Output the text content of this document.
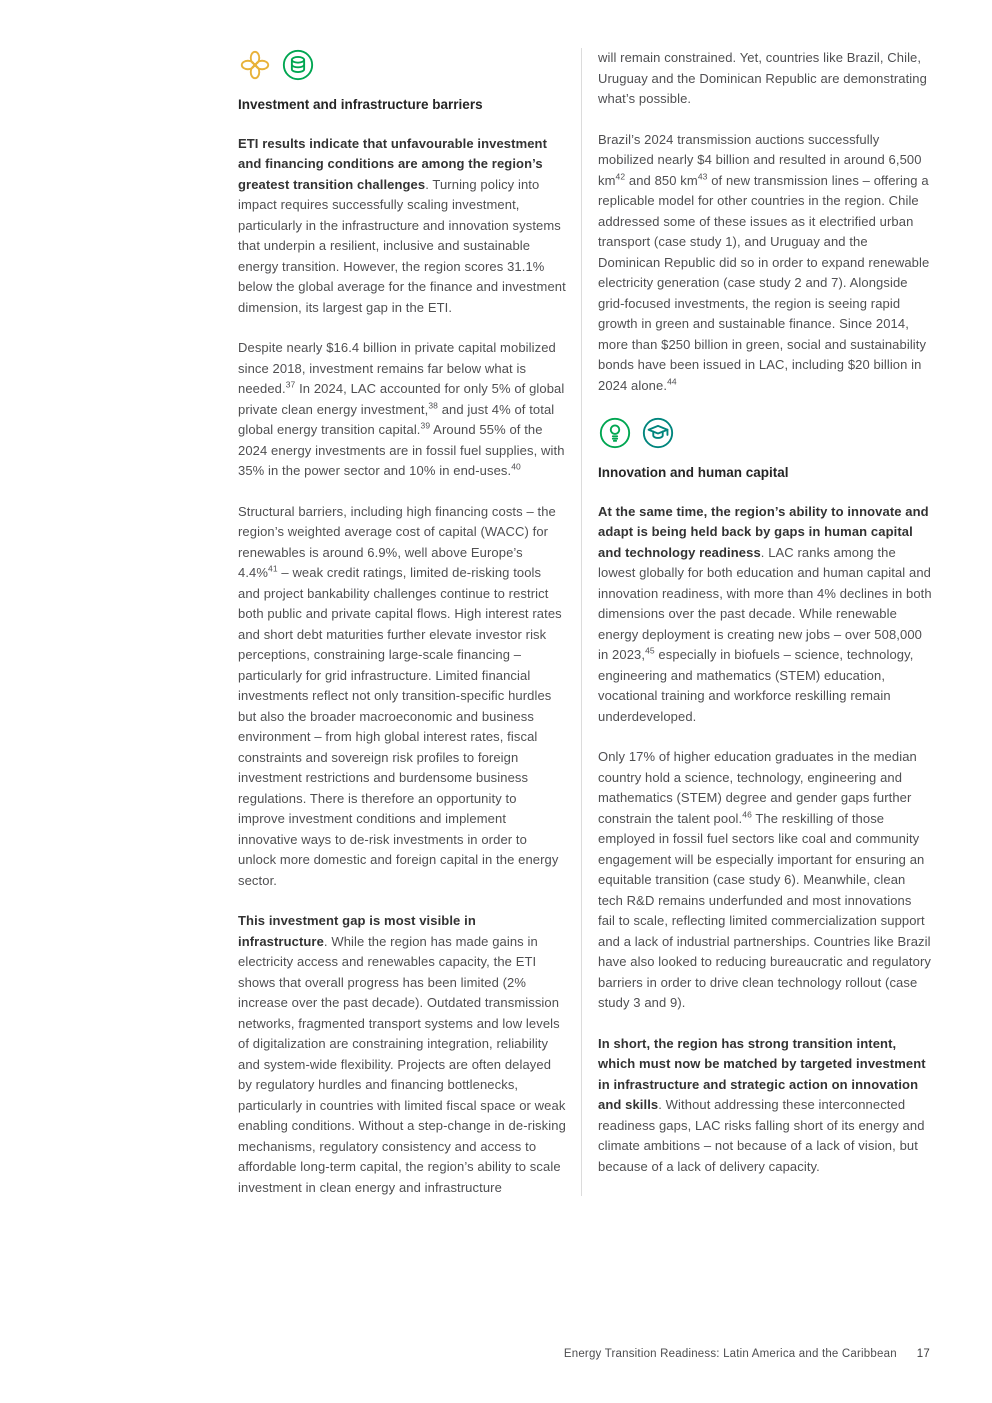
Investment and infrastructure barriers

ETI results indicate that unfavourable investment and financing conditions are among the region’s greatest transition challenges. Turning policy into impact requires successfully scaling investment, particularly in the infrastructure and innovation systems that underpin a resilient, inclusive and sustainable energy transition. However, the region scores 31.1% below the global average for the finance and investment dimension, its largest gap in the ETI.

Despite nearly $16.4 billion in private capital mobilized since 2018, investment remains far below what is needed.$^{37}$ In 2024, LAC accounted for only 5% of global private clean energy investment,$^{38}$ and just 4% of total global energy transition capital.$^{39}$ Around 55% of the 2024 energy investments are in fossil fuel supplies, with 35% in the power sector and 10% in end-uses.$^{40}$

Structural barriers, including high financing costs – the region’s weighted average cost of capital (WACC) for renewables is around 6.9%, well above Europe’s 4.4%$^{41}$ – weak credit ratings, limited de-risking tools and project bankability challenges continue to restrict both public and private capital flows. High interest rates and short debt maturities further elevate investor risk perceptions, constraining large-scale financing – particularly for grid infrastructure. Limited financial investments reflect not only transition-specific hurdles but also the broader macroeconomic and business environment – from high global interest rates, fiscal constraints and sovereign risk profiles to foreign investment restrictions and burdensome business regulations. There is therefore an opportunity to improve investment conditions and implement innovative ways to de-risk investments in order to unlock more domestic and foreign capital in the energy sector.

This investment gap is most visible in infrastructure. While the region has made gains in electricity access and renewables capacity, the ETI shows that overall progress has been limited (2% increase over the past decade). Outdated transmission networks, fragmented transport systems and low levels of digitalization are constraining integration, reliability and system-wide flexibility. Projects are often delayed by regulatory hurdles and financing bottlenecks, particularly in countries with limited fiscal space or weak enabling conditions. Without a step-change in de-risking mechanisms, regulatory consistency and access to affordable long-term capital, the region’s ability to scale investment in clean energy and infrastructure

will remain constrained. Yet, countries like Brazil, Chile, Uruguay and the Dominican Republic are demonstrating what’s possible.

Brazil’s 2024 transmission auctions successfully mobilized nearly $4 billion and resulted in around 6,500 $km^{42}$ and 850 $km^{43}$ of new transmission lines – offering a replicable model for other countries in the region. Chile addressed some of these issues as it electrified urban transport (case study 1), and Uruguay and the Dominican Republic did so in order to expand renewable electricity generation (case study 2 and 7). Alongside grid-focused investments, the region is seeing rapid growth in green and sustainable finance. Since 2014, more than $250 billion in green, social and sustainability bonds have been issued in LAC, including $20 billion in 2024 alone.$^{44}$

Innovation and human capital

At the same time, the region’s ability to innovate and adapt is being held back by gaps in human capital and technology readiness. LAC ranks among the lowest globally for both education and human capital and innovation readiness, with more than 4% declines in both dimensions over the past decade. While renewable energy deployment is creating new jobs – over 508,000 in 2023,45 especially in biofuels – science, technology, engineering and mathematics (STEM) education, vocational training and workforce reskilling remain underdeveloped.

Only 17% of higher education graduates in the median country hold a science, technology, engineering and mathematics (STEM) degree and gender gaps further constrain the talent pool.$^{46}$ The reskilling of those employed in fossil fuel sectors like coal and community engagement will be especially important for ensuring an equitable transition (case study 6). Meanwhile, clean tech R&D remains underfunded and most innovations fail to scale, reflecting limited commercialization support and a lack of industrial partnerships. Countries like Brazil have also looked to reducing bureaucratic and regulatory barriers in order to drive clean technology rollout (case study 3 and 9).

In short, the region has strong transition intent, which must now be matched by targeted investment in infrastructure and strategic action on innovation and skills. Without addressing these interconnected readiness gaps, LAC risks falling short of its energy and climate ambitions – not because of a lack of vision, but because of a lack of delivery capacity.

Energy Transition Readiness: Latin America and the Caribbean 17
